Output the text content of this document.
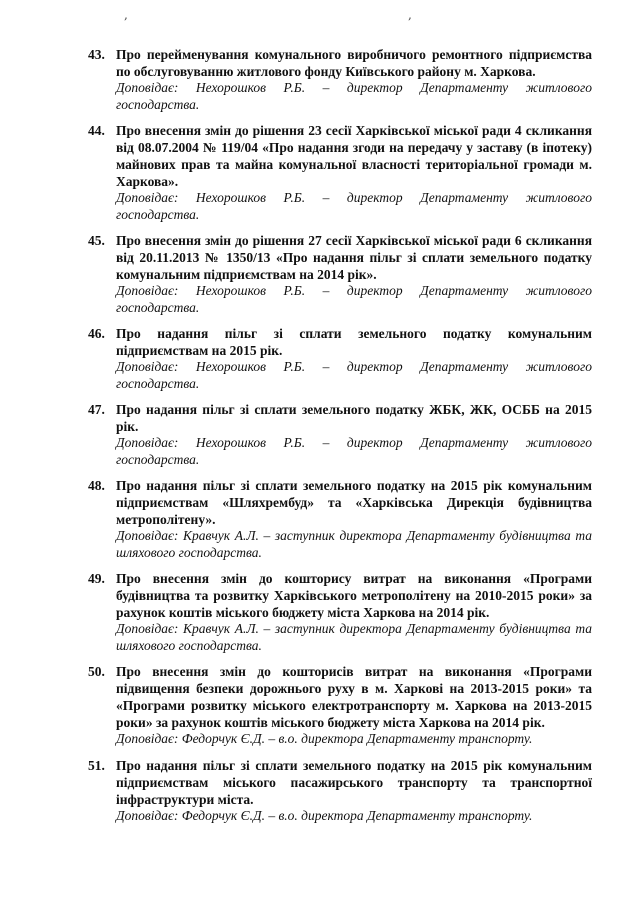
,	,
43. Про перейменування комунального виробничого ремонтного підприємства по обслуговуванню житлового фонду Київського району м. Харкова.
Доповідає: Нехорошков Р.Б. – директор Департаменту житлового господарства.
44. Про внесення змін до рішення 23 сесії Харківської міської ради 4 скликання від 08.07.2004 № 119/04 «Про надання згоди на передачу у заставу (в іпотеку) майнових прав та майна комунальної власності територіальної громади м. Харкова».
Доповідає: Нехорошков Р.Б. – директор Департаменту житлового господарства.
45. Про внесення змін до рішення 27 сесії Харківської міської ради 6 скликання від 20.11.2013 № 1350/13 «Про надання пільг зі сплати земельного податку комунальним підприємствам на 2014 рік».
Доповідає: Нехорошков Р.Б. – директор Департаменту житлового господарства.
46. Про надання пільг зі сплати земельного податку комунальним підприємствам на 2015 рік.
Доповідає: Нехорошков Р.Б. – директор Департаменту житлового господарства.
47. Про надання пільг зі сплати земельного податку ЖБК, ЖК, ОСББ на 2015 рік.
Доповідає: Нехорошков Р.Б. – директор Департаменту житлового господарства.
48. Про надання пільг зі сплати земельного податку на 2015 рік комунальним підприємствам «Шляхрембуд» та «Харківська Дирекція будівництва метрополітену».
Доповідає: Кравчук А.Л. – заступник директора Департаменту будівництва та шляхового господарства.
49. Про внесення змін до кошторису витрат на виконання «Програми будівництва та розвитку Харківського метрополітену на 2010-2015 роки» за рахунок коштів міського бюджету міста Харкова на 2014 рік.
Доповідає: Кравчук А.Л. – заступник директора Департаменту будівництва та шляхового господарства.
50. Про внесення змін до кошторисів витрат на виконання «Програми підвищення безпеки дорожнього руху в м. Харкові на 2013-2015 роки» та «Програми розвитку міського електротранспорту м. Харкова на 2013-2015 роки» за рахунок коштів міського бюджету міста Харкова на 2014 рік.
Доповідає: Федорчук Є.Д. – в.о. директора Департаменту транспорту.
51. Про надання пільг зі сплати земельного податку на 2015 рік комунальним підприємствам міського пасажирського транспорту та транспортної інфраструктури міста.
Доповідає: Федорчук Є.Д. – в.о. директора Департаменту транспорту.
